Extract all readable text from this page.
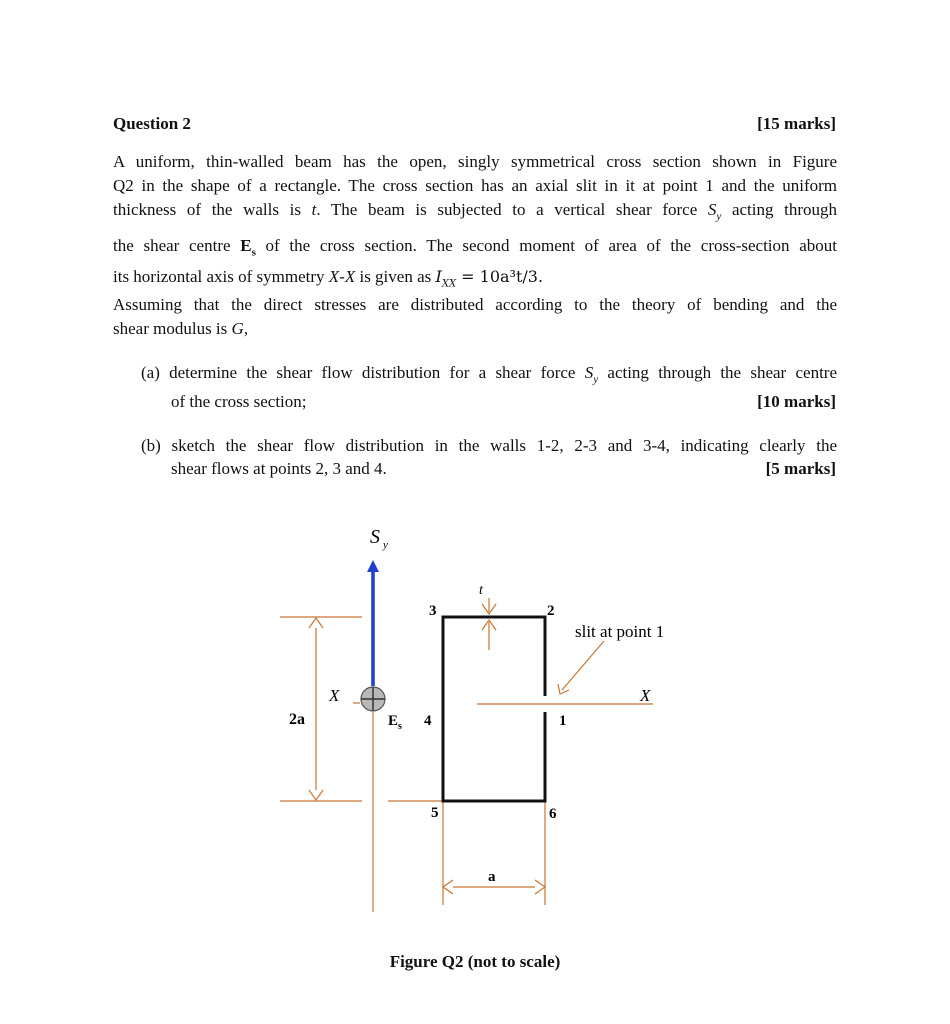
Question 2	[15 marks]
A uniform, thin-walled beam has the open, singly symmetrical cross section shown in Figure
Q2 in the shape of a rectangle. The cross section has an axial slit in it at point 1 and the uniform
thickness of the walls is t. The beam is subjected to a vertical shear force $S_y$ acting through
the shear centre $E_s$ of the cross section. The second moment of area of the cross-section about
its horizontal axis of symmetry X-X is given as $I_{XX} = 10a^3t/3$.
Assuming that the direct stresses are distributed according to the theory of bending and the
shear modulus is G,
(a) determine the shear flow distribution for a shear force $S_y$ acting through the shear centre
of the cross section;	[10 marks]
(b) sketch the shear flow distribution in the walls 1-2, 2-3 and 3-4, indicating clearly the
shear flows at points 2, 3 and 4.	[5 marks]
S y
t
3	2
slit at point 1
X	X
2a	E s 4	1
5	6
a
Figure Q2 (not to scale)
